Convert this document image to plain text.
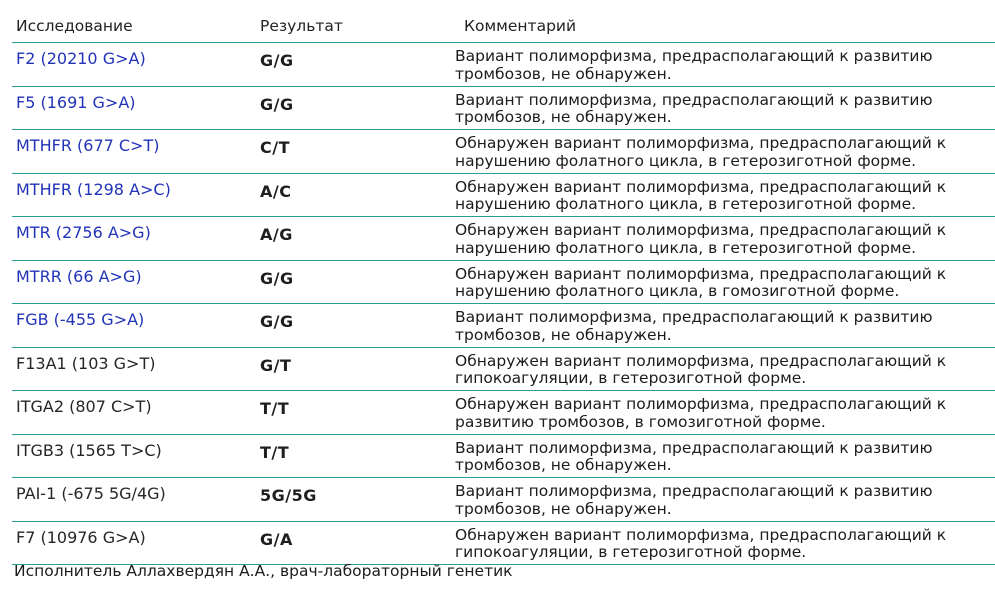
Исследование	Результат	Комментарий
F2 (20210 G>A)	G/G	Вариант полиморфизма, предрасполагающий к развитию тромбозов, не обнаружен.
F5 (1691 G>A)	G/G	Вариант полиморфизма, предрасполагающий к развитию тромбозов, не обнаружен.
MTHFR (677 C>T)	C/T	Обнаружен вариант полиморфизма, предрасполагающий к нарушению фолатного цикла, в гетерозиготной форме.
MTHFR (1298 A>C)	A/C	Обнаружен вариант полиморфизма, предрасполагающий к нарушению фолатного цикла, в гетерозиготной форме.
MTR (2756 A>G)	A/G	Обнаружен вариант полиморфизма, предрасполагающий к нарушению фолатного цикла, в гетерозиготной форме.
MTRR (66 A>G)	G/G	Обнаружен вариант полиморфизма, предрасполагающий к нарушению фолатного цикла, в гомозиготной форме.
FGB (-455 G>A)	G/G	Вариант полиморфизма, предрасполагающий к развитию тромбозов, не обнаружен.
F13A1 (103 G>T)	G/T	Обнаружен вариант полиморфизма, предрасполагающий к гипокоагуляции, в гетерозиготной форме.
ITGA2 (807 C>T)	T/T	Обнаружен вариант полиморфизма, предрасполагающий к развитию тромбозов, в гомозиготной форме.
ITGB3 (1565 T>C)	T/T	Вариант полиморфизма, предрасполагающий к развитию тромбозов, не обнаружен.
PAI-1 (-675 5G/4G)	5G/5G	Вариант полиморфизма, предрасполагающий к развитию тромбозов, не обнаружен.
F7 (10976 G>A)	G/A	Обнаружен вариант полиморфизма, предрасполагающий к гипокоагуляции, в гетерозиготной форме.
Исполнитель Аллахвердян А.А., врач-лабораторный генетик
